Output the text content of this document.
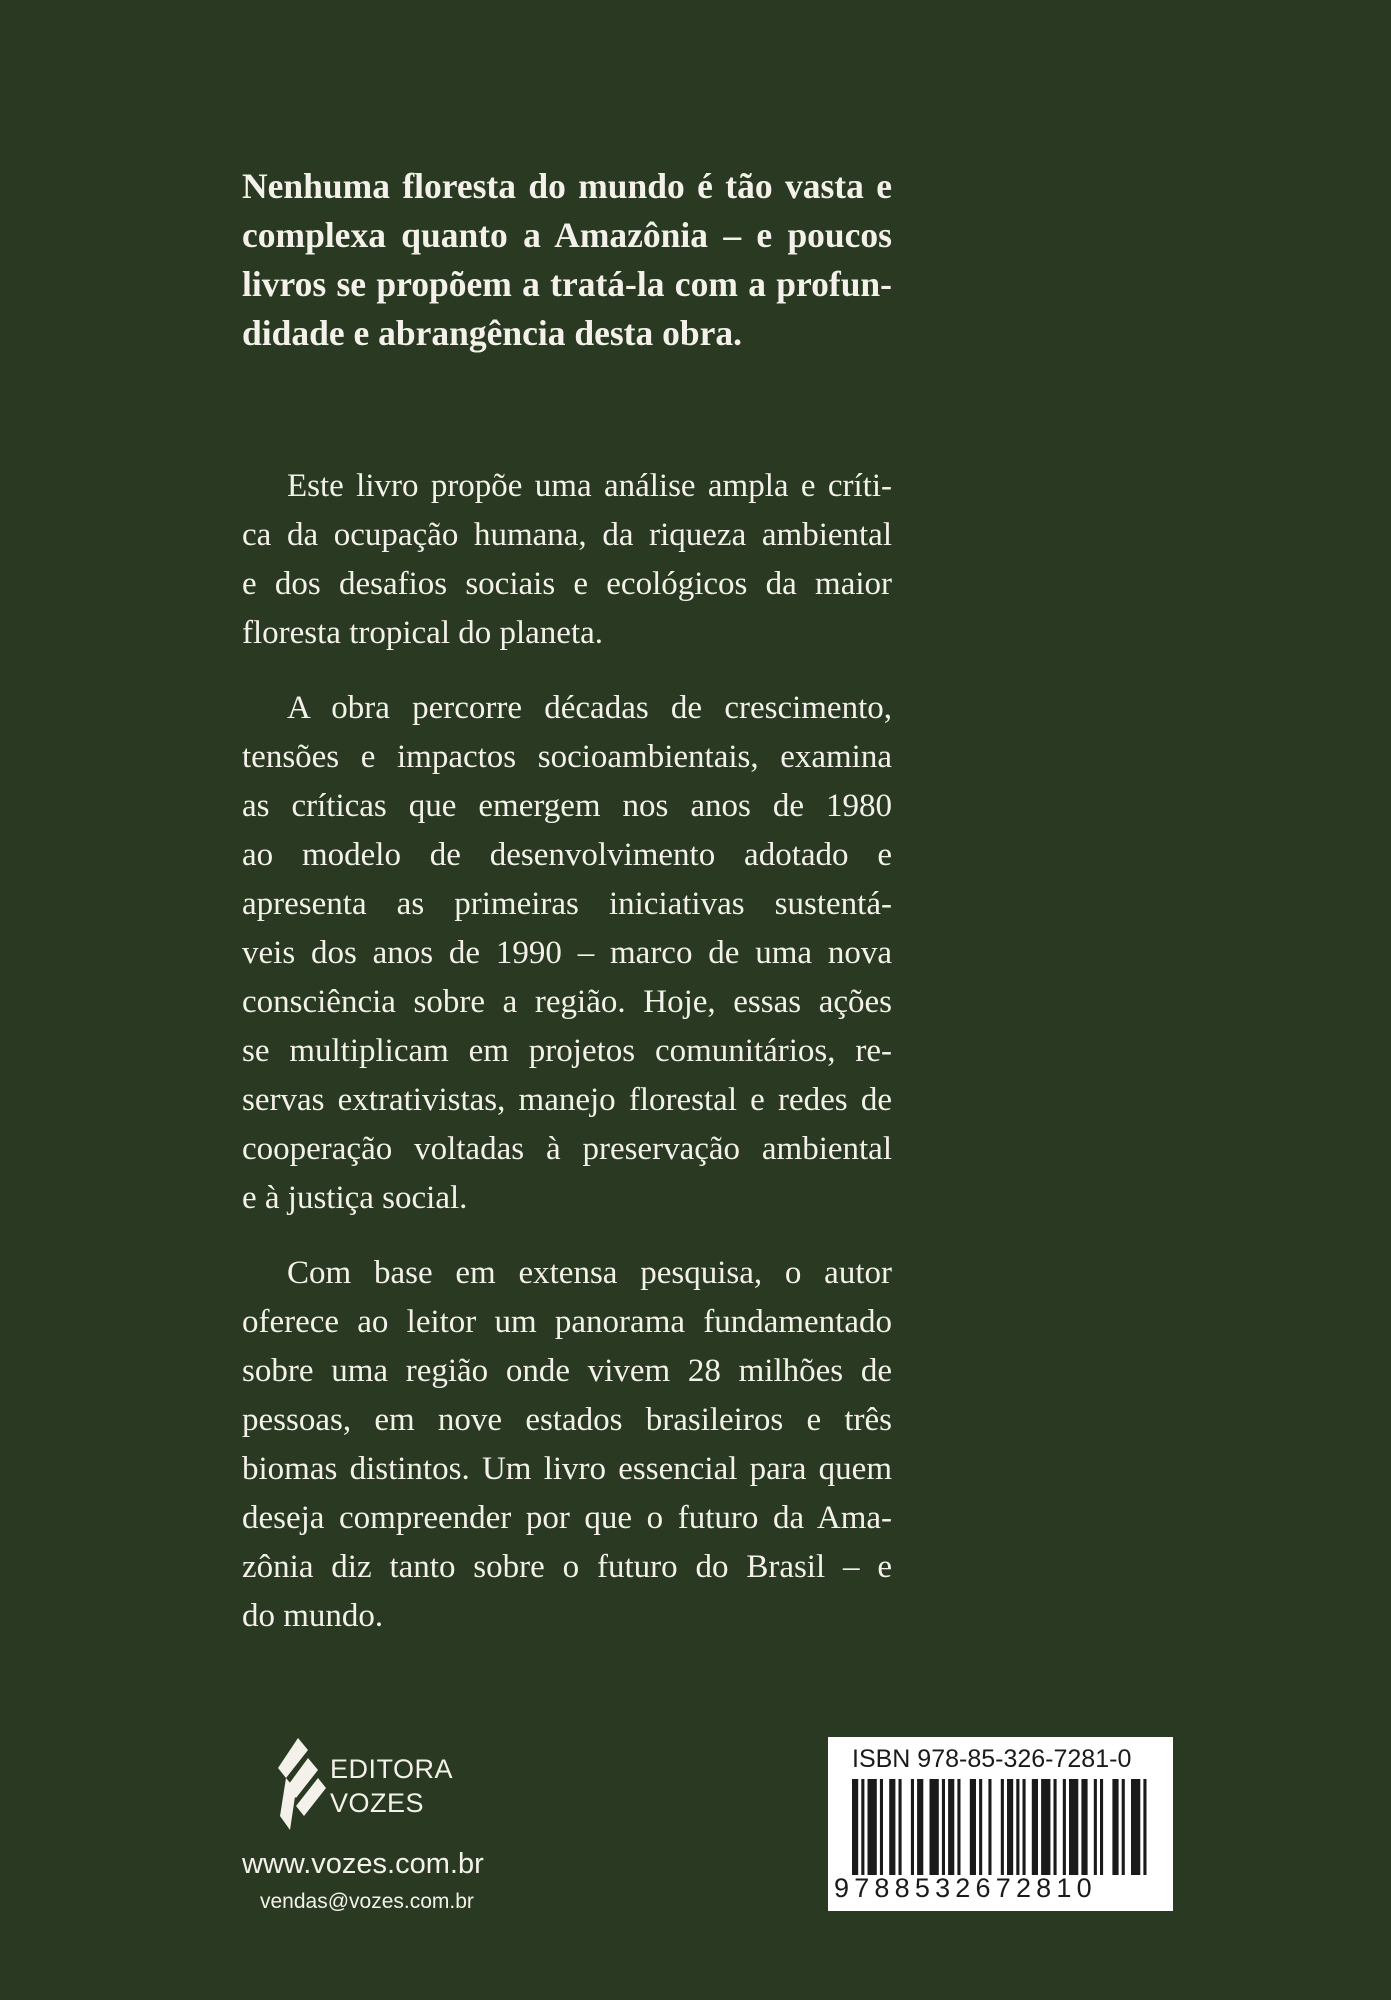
Nenhuma floresta do mundo é tão vasta e
complexa quanto a Amazônia – e poucos
livros se propõem a tratá-la com a profun-
didade e abrangência desta obra.
Este livro propõe uma análise ampla e críti-
ca da ocupação humana, da riqueza ambiental
e dos desafios sociais e ecológicos da maior
floresta tropical do planeta.
A obra percorre décadas de crescimento,
tensões e impactos socioambientais, examina
as críticas que emergem nos anos de 1980
ao modelo de desenvolvimento adotado e
apresenta as primeiras iniciativas sustentá-
veis dos anos de 1990 – marco de uma nova
consciência sobre a região. Hoje, essas ações
se multiplicam em projetos comunitários, re-
servas extrativistas, manejo florestal e redes de
cooperação voltadas à preservação ambiental
e à justiça social.
Com base em extensa pesquisa, o autor
oferece ao leitor um panorama fundamentado
sobre uma região onde vivem 28 milhões de
pessoas, em nove estados brasileiros e três
biomas distintos. Um livro essencial para quem
deseja compreender por que o futuro da Ama-
zônia diz tanto sobre o futuro do Brasil – e
do mundo.
EDITORA
VOZES
www.vozes.com.br
vendas@vozes.com.br
ISBN 978-85-326-7281-0
9788532672810
